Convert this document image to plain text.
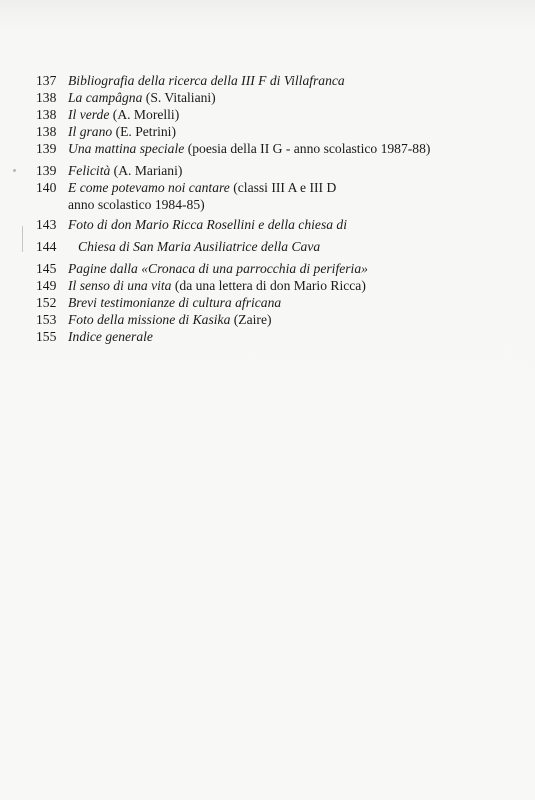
137 Bibliografia della ricerca della III F di Villafranca
138 La campâgna (S. Vitaliani)
138 Il verde (A. Morelli)
138 Il grano (E. Petrini)
139 Una mattina speciale (poesia della II G - anno scolastico 1987-88)
139 Felicità (A. Mariani)
140 E come potevamo noi cantare (classi III A e III D
anno scolastico 1984-85)
143 Foto di don Mario Ricca Rosellini e della chiesa di
144	Chiesa di San Maria Ausiliatrice della Cava
145 Pagine dalla «Cronaca di una parrocchia di periferia»
149 Il senso di una vita (da una lettera di don Mario Ricca)
152 Brevi testimonianze di cultura africana
153 Foto della missione di Kasika (Zaire)
155 Indice generale
